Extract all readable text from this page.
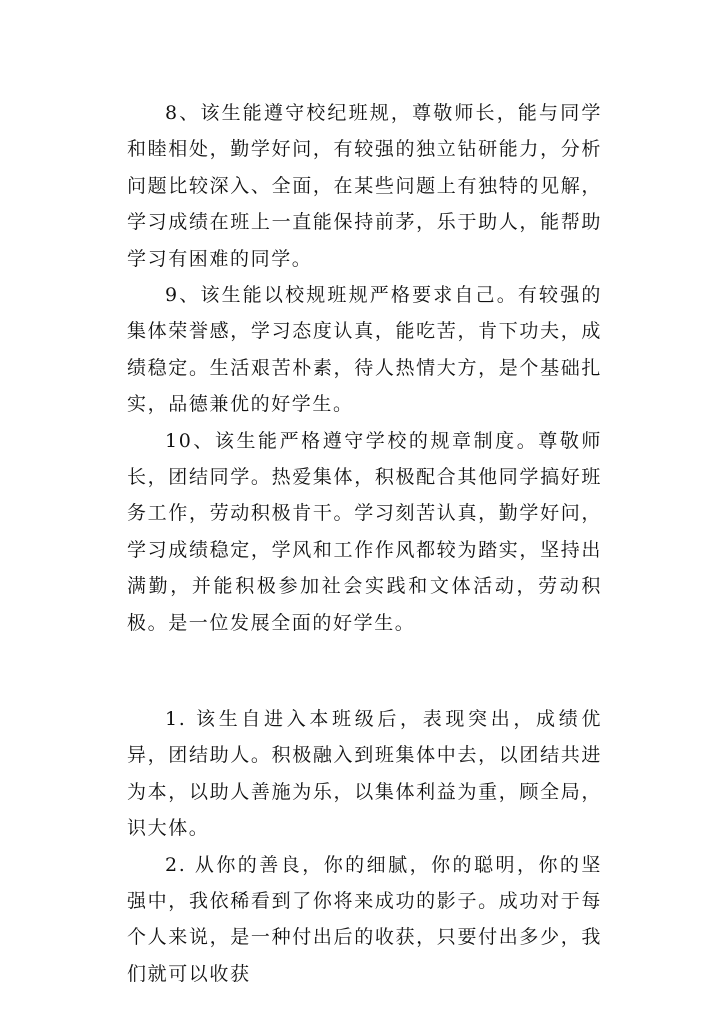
8、该生能遵守校纪班规，尊敬师长，能与同学和睦相处，勤学好问，有较强的独立钻研能力，分析问题比较深入、全面，在某些问题上有独特的见解，学习成绩在班上一直能保持前茅，乐于助人，能帮助学习有困难的同学。

9、该生能以校规班规严格要求自己。有较强的集体荣誉感，学习态度认真，能吃苦，肯下功夫，成绩稳定。生活艰苦朴素，待人热情大方，是个基础扎实，品德兼优的好学生。

10、该生能严格遵守学校的规章制度。尊敬师长，团结同学。热爱集体，积极配合其他同学搞好班务工作，劳动积极肯干。学习刻苦认真，勤学好问，学习成绩稳定，学风和工作作风都较为踏实，坚持出满勤，并能积极参加社会实践和文体活动，劳动积极。是一位发展全面的好学生。

1. 该生自进入本班级后，表现突出，成绩优异，团结助人。积极融入到班集体中去，以团结共进为本，以助人善施为乐，以集体利益为重，顾全局，识大体。

2. 从你的善良，你的细腻，你的聪明，你的坚强中，我依稀看到了你将来成功的影子。成功对于每个人来说，是一种付出后的收获，只要付出多少，我们就可以收获
